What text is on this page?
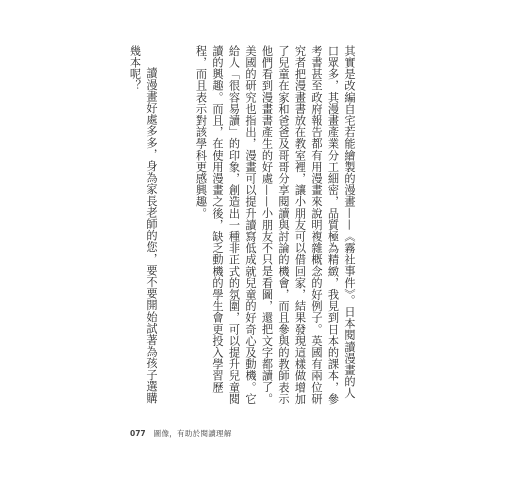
其實是改編自宅若能繪製的漫畫——《霧社事件》。日本閱讀漫畫的人口眾多，其漫畫產業分工細密，品質極為精緻，我見到日本的課本，參考書甚至政府報告都有用漫畫來說明複雜概念的好例子。英國有兩位研究者把漫畫書放在教室裡，讓小朋友可以借回家，結果發現這樣做增加了兒童在家和爸爸及哥哥分享閱讀與討論的機會，而且參與的教師表示他們看到漫畫書產生的好處——小朋友不只是看圖，還把文字都讀了。美國的研究也指出，漫畫可以提升讀寫低成就兒童的好奇心及動機。它給人「很容易讀」的印象，創造出一種非正式的氛圍，可以提升兒童閱讀的興趣。而且，在使用漫畫之後，缺乏動機的學生會更投入學習歷程，而且表示對該學科更感興趣。

讀漫畫好處多多，身為家長老師的您，要不要開始試著為孩子選購幾本呢？

077 圖像，有助於閱讀理解
